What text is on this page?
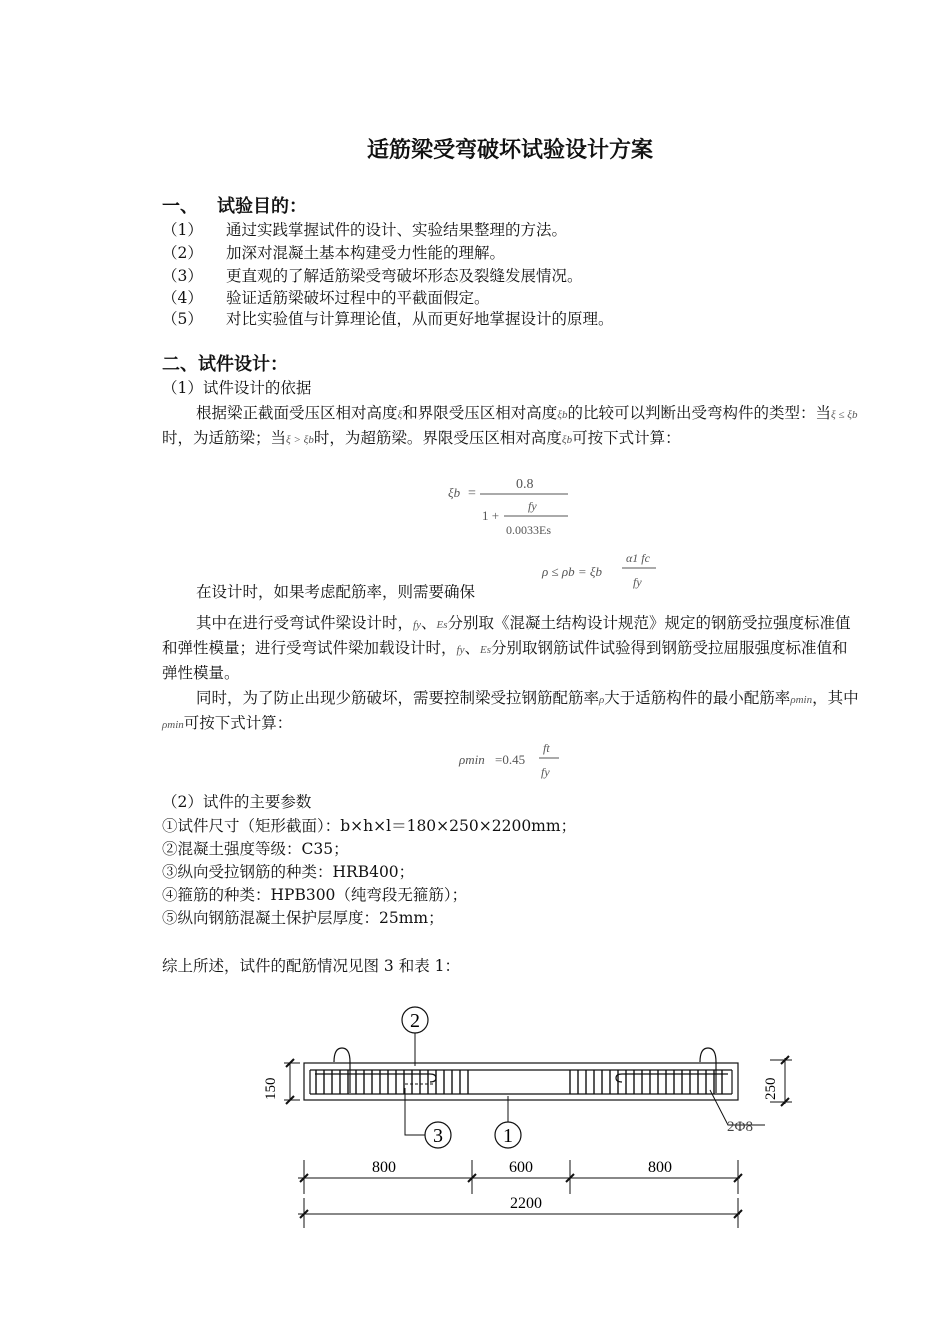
适筋梁受弯破坏试验设计方案
一、 试验目的：
（1） 通过实践掌握试件的设计、实验结果整理的方法。
（2） 加深对混凝土基本构建受力性能的理解。
（3） 更直观的了解适筋梁受弯破坏形态及裂缝发展情况。
（4） 验证适筋梁破坏过程中的平截面假定。
（5） 对比实验值与计算理论值，从而更好地掌握设计的原理。
二、试件设计：
（1）试件设计的依据
根据梁正截面受压区相对高度ξ和界限受压区相对高度ξb的比较可以判断出受弯构件的类型：当ξ ≤ ξb时，为适筋梁；当ξ > ξb时，为超筋梁。界限受压区相对高度ξb可按下式计算：
ξb =
0.8
1 +
fy
0.0033Es
ρ ≤ ρb = ξb
α1 fc
fy
在设计时，如果考虑配筋率，则需要确保
其中在进行受弯试件梁设计时，fy、Es分别取《混凝土结构设计规范》规定的钢筋受拉强度标准值和弹性模量；进行受弯试件梁加载设计时，fy、Es分别取钢筋试件试验得到钢筋受拉屈服强度标准值和弹性模量。
同时，为了防止出现少筋破坏，需要控制梁受拉钢筋配筋率ρ大于适筋构件的最小配筋率ρmin，其中ρmin可按下式计算：
ρmin =0.45
ft
fy
（2）试件的主要参数
①试件尺寸（矩形截面）：b×h×l＝180×250×2200mm；
②混凝土强度等级：C35；
③纵向受拉钢筋的种类：HRB400；
④箍筋的种类：HPB300（纯弯段无箍筋）；
⑤纵向钢筋混凝土保护层厚度：25mm；
综上所述，试件的配筋情况见图 3 和表 1：
2
3	1	2Φ8
150	250
800	600	800
2200
